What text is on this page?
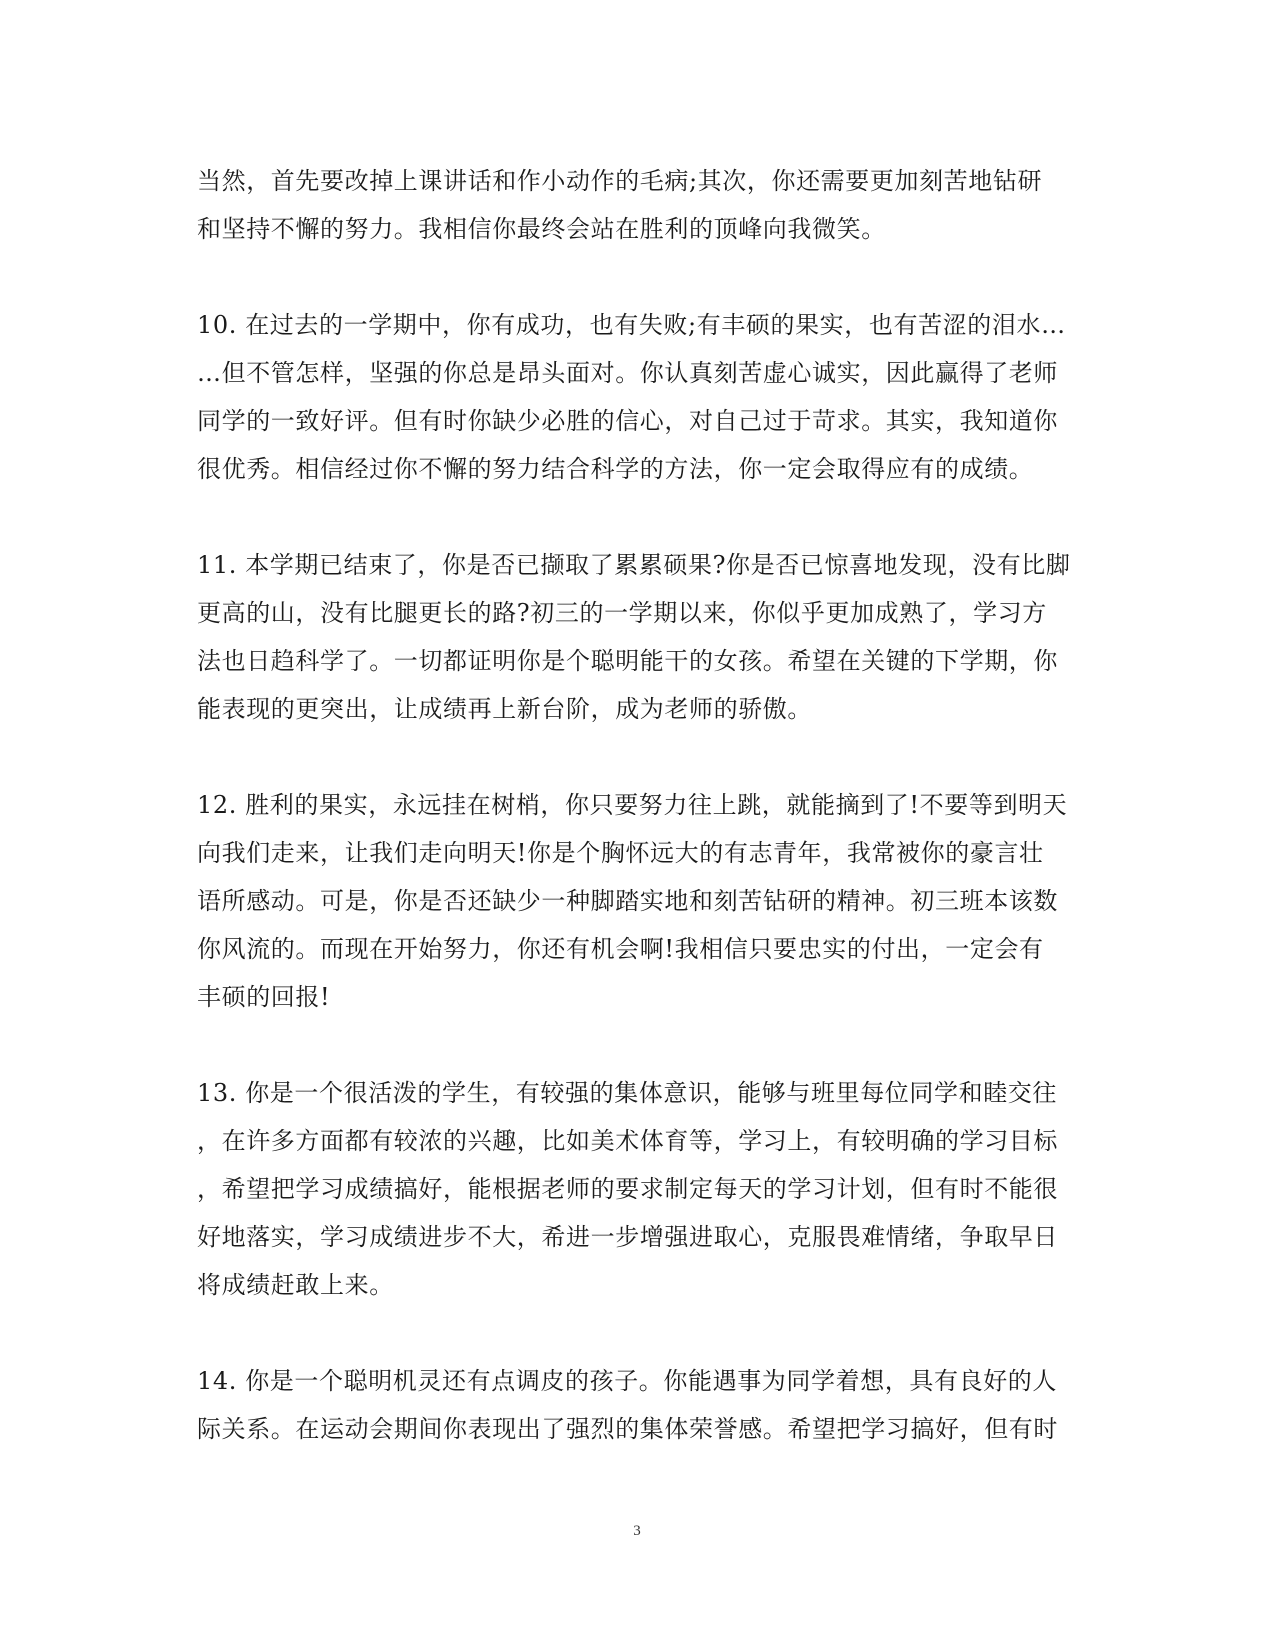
当然，首先要改掉上课讲话和作小动作的毛病;其次，你还需要更加刻苦地钻研
和坚持不懈的努力。我相信你最终会站在胜利的顶峰向我微笑。
10. 在过去的一学期中，你有成功，也有失败;有丰硕的果实，也有苦涩的泪水…
…但不管怎样，坚强的你总是昂头面对。你认真刻苦虚心诚实，因此赢得了老师
同学的一致好评。但有时你缺少必胜的信心，对自己过于苛求。其实，我知道你
很优秀。相信经过你不懈的努力结合科学的方法，你一定会取得应有的成绩。
11. 本学期已结束了，你是否已撷取了累累硕果?你是否已惊喜地发现，没有比脚
更高的山，没有比腿更长的路?初三的一学期以来，你似乎更加成熟了，学习方
法也日趋科学了。一切都证明你是个聪明能干的女孩。希望在关键的下学期，你
能表现的更突出，让成绩再上新台阶，成为老师的骄傲。
12. 胜利的果实，永远挂在树梢，你只要努力往上跳，就能摘到了!不要等到明天
向我们走来，让我们走向明天!你是个胸怀远大的有志青年，我常被你的豪言壮
语所感动。可是，你是否还缺少一种脚踏实地和刻苦钻研的精神。初三班本该数
你风流的。而现在开始努力，你还有机会啊!我相信只要忠实的付出，一定会有
丰硕的回报!
13. 你是一个很活泼的学生，有较强的集体意识，能够与班里每位同学和睦交往
，在许多方面都有较浓的兴趣，比如美术体育等，学习上，有较明确的学习目标
，希望把学习成绩搞好，能根据老师的要求制定每天的学习计划，但有时不能很
好地落实，学习成绩进步不大，希进一步增强进取心，克服畏难情绪，争取早日
将成绩赶敢上来。
14. 你是一个聪明机灵还有点调皮的孩子。你能遇事为同学着想，具有良好的人
际关系。在运动会期间你表现出了强烈的集体荣誉感。希望把学习搞好，但有时
3
